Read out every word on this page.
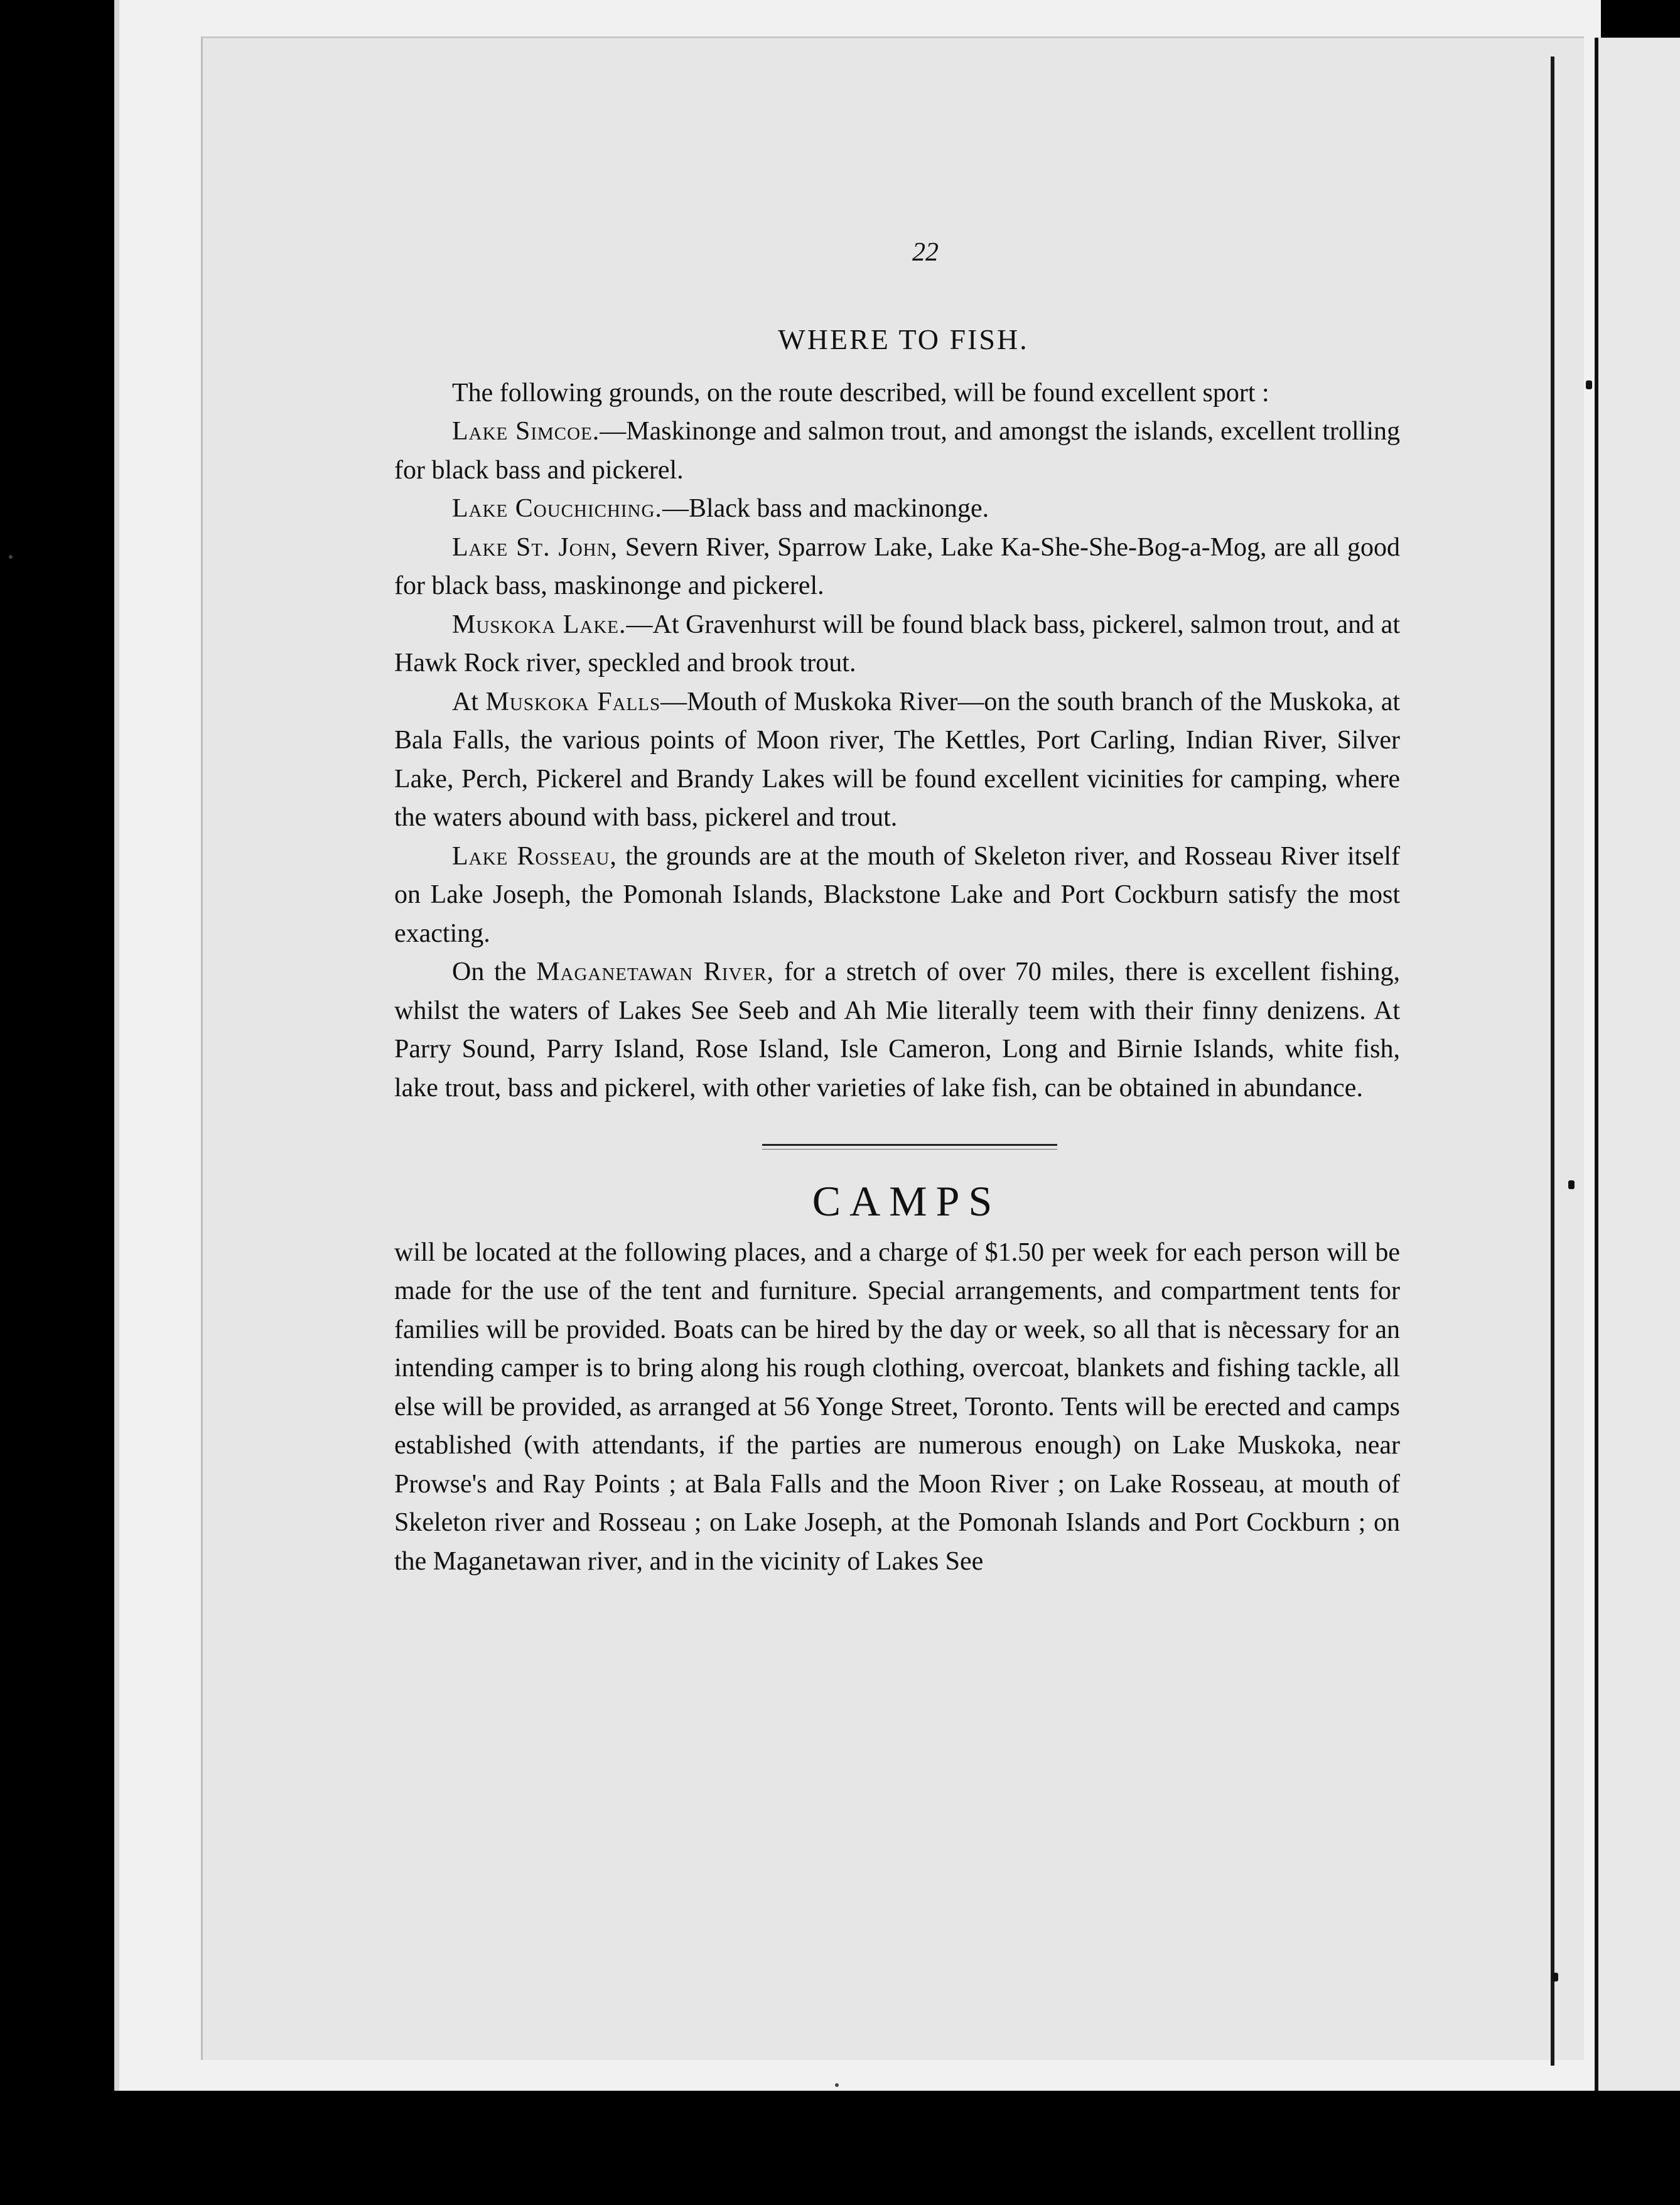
22
WHERE TO FISH.

The following grounds, on the route described, will be found excellent sport :

Lake Simcoe.—Maskinonge and salmon trout, and amongst the islands, excellent trolling for black bass and pickerel.

Lake Couchiching.—Black bass and mackinonge.

Lake St. John, Severn River, Sparrow Lake, Lake Ka-She-She-Bog-a-Mog, are all good for black bass, maskinonge and pickerel.

Muskoka Lake.—At Gravenhurst will be found black bass, pickerel, salmon trout, and at Hawk Rock river, speckled and brook trout.

At Muskoka Falls—Mouth of Muskoka River—on the south branch of the Muskoka, at Bala Falls, the various points of Moon river, The Kettles, Port Carling, Indian River, Silver Lake, Perch, Pickerel and Brandy Lakes will be found excellent vicinities for camping, where the waters abound with bass, pickerel and trout.

Lake Rosseau, the grounds are at the mouth of Skeleton river, and Rosseau River itself on Lake Joseph, the Pomonah Islands, Blackstone Lake and Port Cockburn satisfy the most exacting.

On the Maganetawan River, for a stretch of over 70 miles, there is excellent fishing, whilst the waters of Lakes See Seeb and Ah Mie literally teem with their finny denizens. At Parry Sound, Parry Island, Rose Island, Isle Cameron, Long and Birnie Islands, white fish, lake trout, bass and pickerel, with other varieties of lake fish, can be obtained in abundance.

CAMPS

will be located at the following places, and a charge of $1.50 per week for each person will be made for the use of the tent and furniture. Special arrangements, and compartment tents for families will be provided. Boats can be hired by the day or week, so all that is necessary for an intending camper is to bring along his rough clothing, overcoat, blankets and fishing tackle, all else will be provided, as arranged at 56 Yonge Street, Toronto. Tents will be erected and camps established (with attendants, if the parties are numerous enough) on Lake Muskoka, near Prowse's and Ray Points ; at Bala Falls and the Moon River ; on Lake Rosseau, at mouth of Skeleton river and Rosseau ; on Lake Joseph, at the Pomonah Islands and Port Cockburn ; on the Maganetawan river, and in the vicinity of Lakes See
